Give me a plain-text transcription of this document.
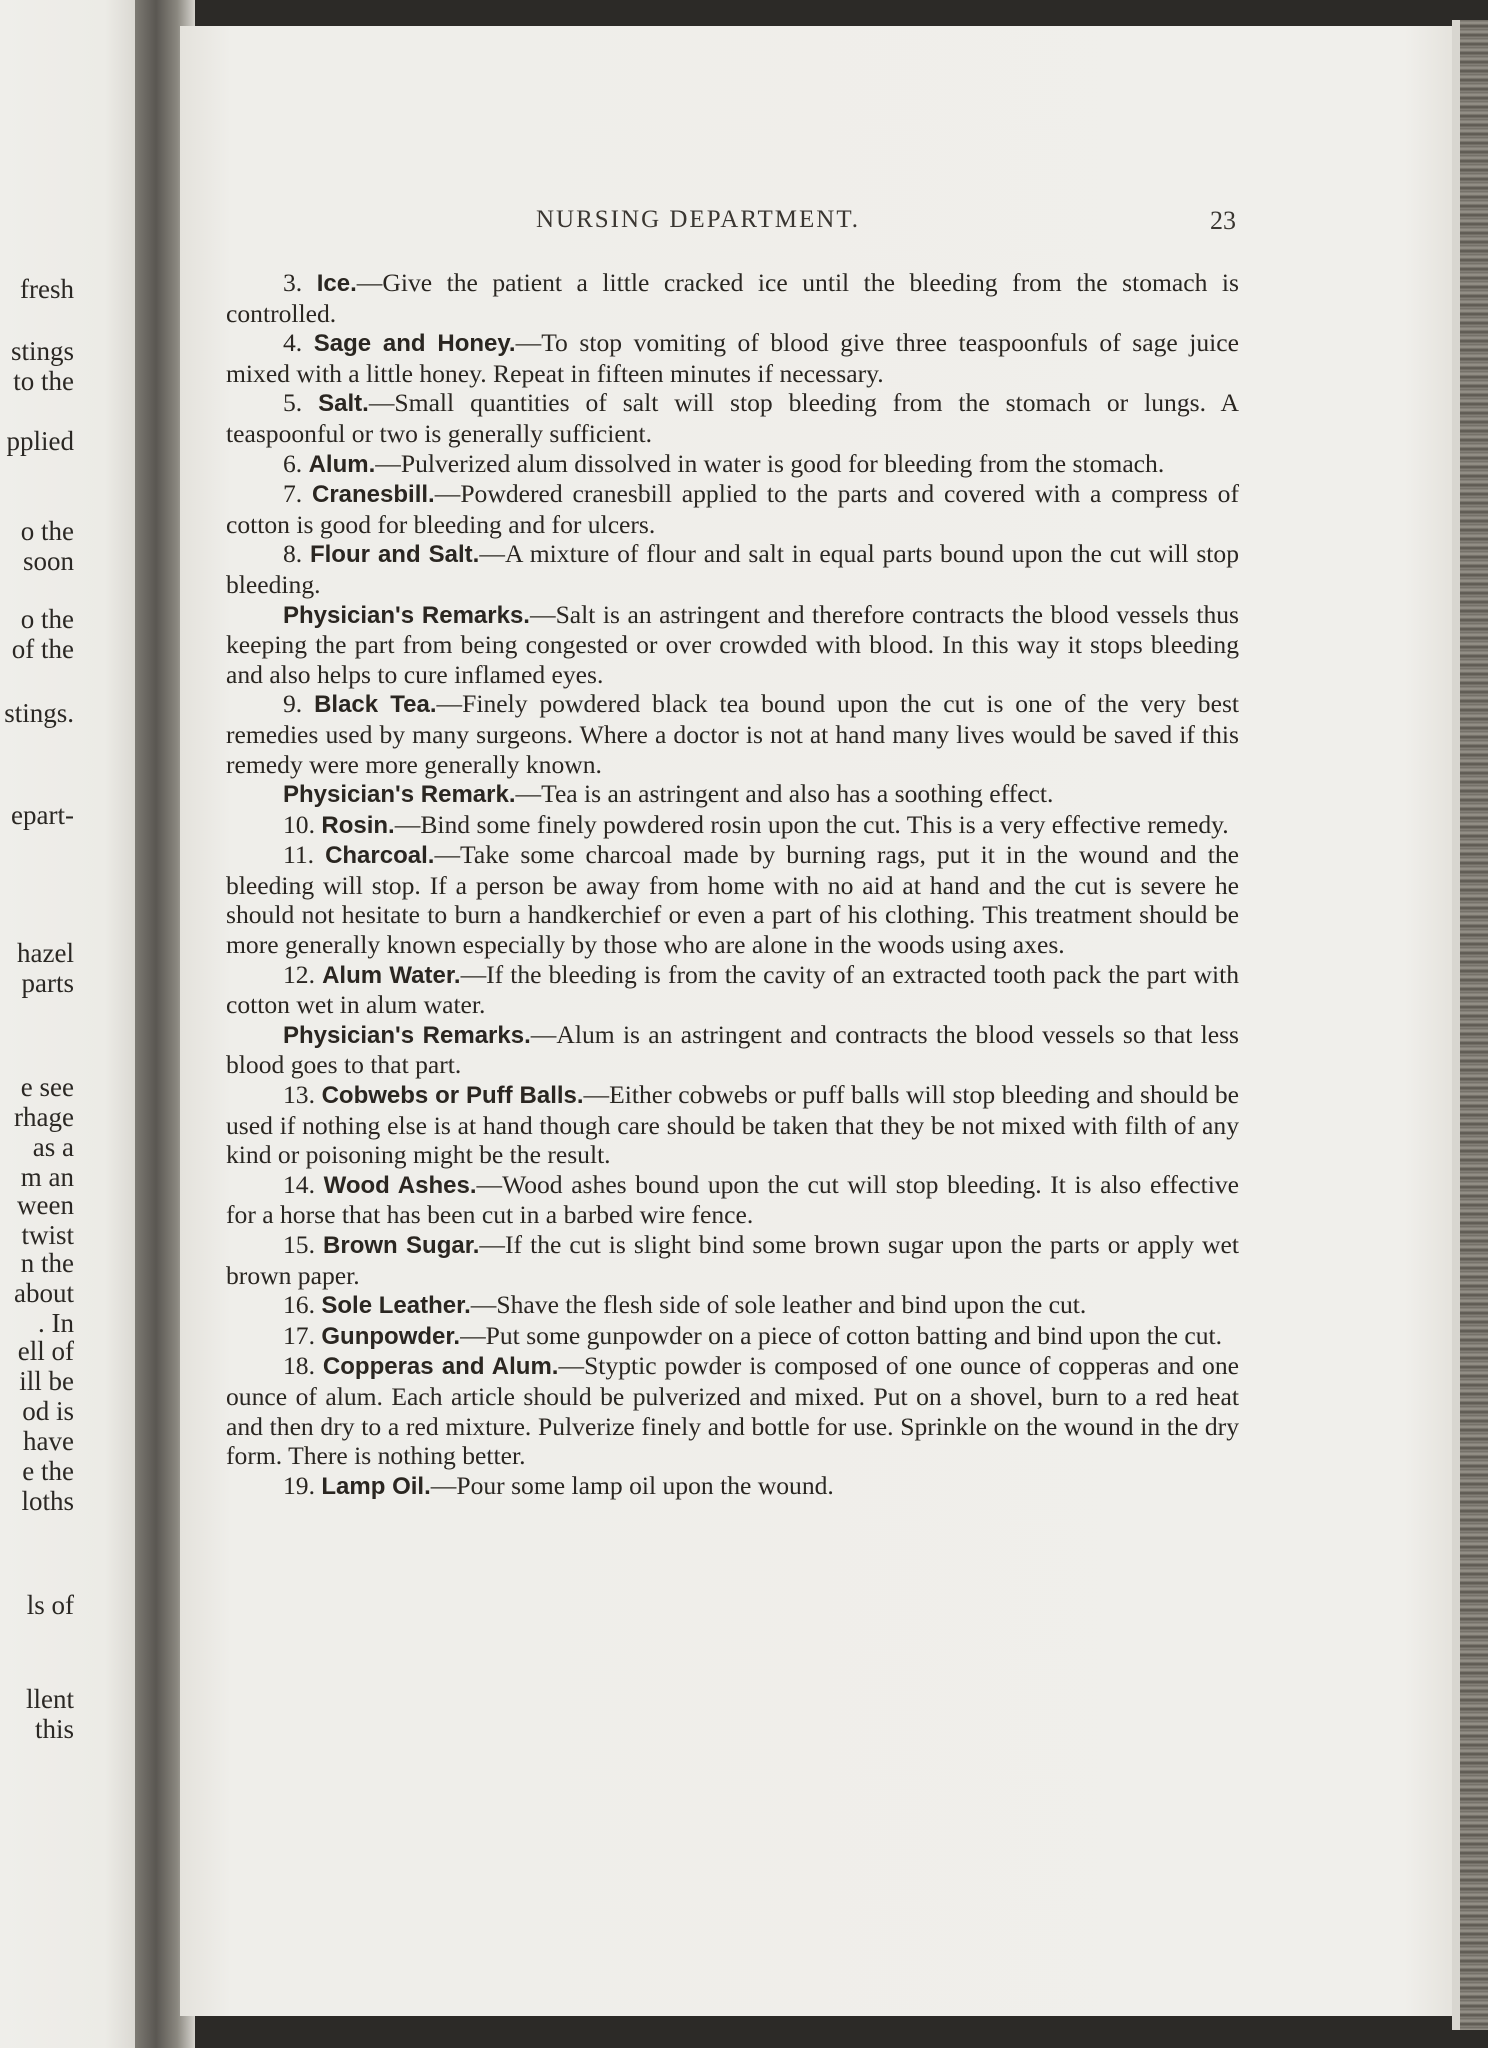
fresh
stings
to the
pplied
o the
soon
o the
of the
stings.
epart-
hazel
parts
e see
rhage
as a
m an
ween
twist
n the
about
. In
ell of
ill be
od is
have
e the
loths
ls of
llent
this
NURSING DEPARTMENT.	23

3. Ice.—Give the patient a little cracked ice until the bleeding from the stomach is controlled.

4. Sage and Honey.—To stop vomiting of blood give three teaspoonfuls of sage juice mixed with a little honey. Repeat in fifteen minutes if necessary.

5. Salt.—Small quantities of salt will stop bleeding from the stomach or lungs. A teaspoonful or two is generally sufficient.

6. Alum.—Pulverized alum dissolved in water is good for bleeding from the stomach.

7. Cranesbill.—Powdered cranesbill applied to the parts and covered with a compress of cotton is good for bleeding and for ulcers.

8. Flour and Salt.—A mixture of flour and salt in equal parts bound upon the cut will stop bleeding.

Physician's Remarks.—Salt is an astringent and therefore contracts the blood vessels thus keeping the part from being congested or over crowded with blood. In this way it stops bleeding and also helps to cure inflamed eyes.

9. Black Tea.—Finely powdered black tea bound upon the cut is one of the very best remedies used by many surgeons. Where a doctor is not at hand many lives would be saved if this remedy were more generally known.

Physician's Remark.—Tea is an astringent and also has a soothing effect.

10. Rosin.—Bind some finely powdered rosin upon the cut. This is a very effective remedy.

11. Charcoal.—Take some charcoal made by burning rags, put it in the wound and the bleeding will stop. If a person be away from home with no aid at hand and the cut is severe he should not hesitate to burn a handkerchief or even a part of his clothing. This treatment should be more generally known especially by those who are alone in the woods using axes.

12. Alum Water.—If the bleeding is from the cavity of an extracted tooth pack the part with cotton wet in alum water.

Physician's Remarks.—Alum is an astringent and contracts the blood vessels so that less blood goes to that part.

13. Cobwebs or Puff Balls.—Either cobwebs or puff balls will stop bleeding and should be used if nothing else is at hand though care should be taken that they be not mixed with filth of any kind or poisoning might be the result.

14. Wood Ashes.—Wood ashes bound upon the cut will stop bleeding. It is also effective for a horse that has been cut in a barbed wire fence.

15. Brown Sugar.—If the cut is slight bind some brown sugar upon the parts or apply wet brown paper.

16. Sole Leather.—Shave the flesh side of sole leather and bind upon the cut.

17. Gunpowder.—Put some gunpowder on a piece of cotton batting and bind upon the cut.

18. Copperas and Alum.—Styptic powder is composed of one ounce of copperas and one ounce of alum. Each article should be pulverized and mixed. Put on a shovel, burn to a red heat and then dry to a red mixture. Pulverize finely and bottle for use. Sprinkle on the wound in the dry form. There is nothing better.

19. Lamp Oil.—Pour some lamp oil upon the wound.
